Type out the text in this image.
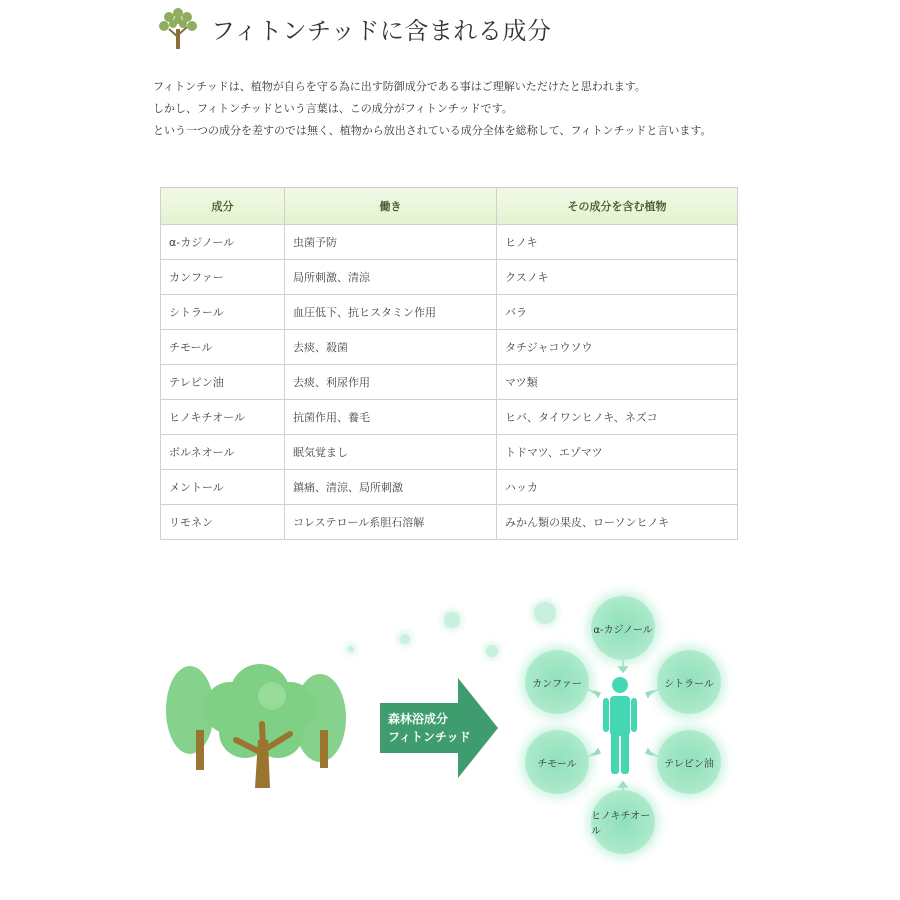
フィトンチッドに含まれる成分

フィトンチッドは、植物が自らを守る為に出す防御成分である事はご理解いただけたと思われます。

しかし、フィトンチッドという言葉は、この成分がフィトンチッドです。

という一つの成分を差すのでは無く、植物から放出されている成分全体を総称して、フィトンチッドと言います。

成分	働き	その成分を含む植物
α-カジノール	虫菌予防	ヒノキ
カンファー	局所刺激、清涼	クスノキ
シトラール	血圧低下、抗ヒスタミン作用	バラ
チモール	去痰、殺菌	タチジャコウソウ
テレピン油	去痰、利尿作用	マツ類
ヒノキチオール	抗菌作用、養毛	ヒバ、タイワンヒノキ、ネズコ
ボルネオール	眠気覚まし	トドマツ、エゾマツ
メントール	鎮痛、清涼、局所刺激	ハッカ
リモネン	コレステロール系胆石溶解	みかん類の果皮、ローソンヒノキ
森林浴成分
フィトンチッド
α-カジノール
カンファー	シトラール
チモール	テレピン油
ヒノキチオール
